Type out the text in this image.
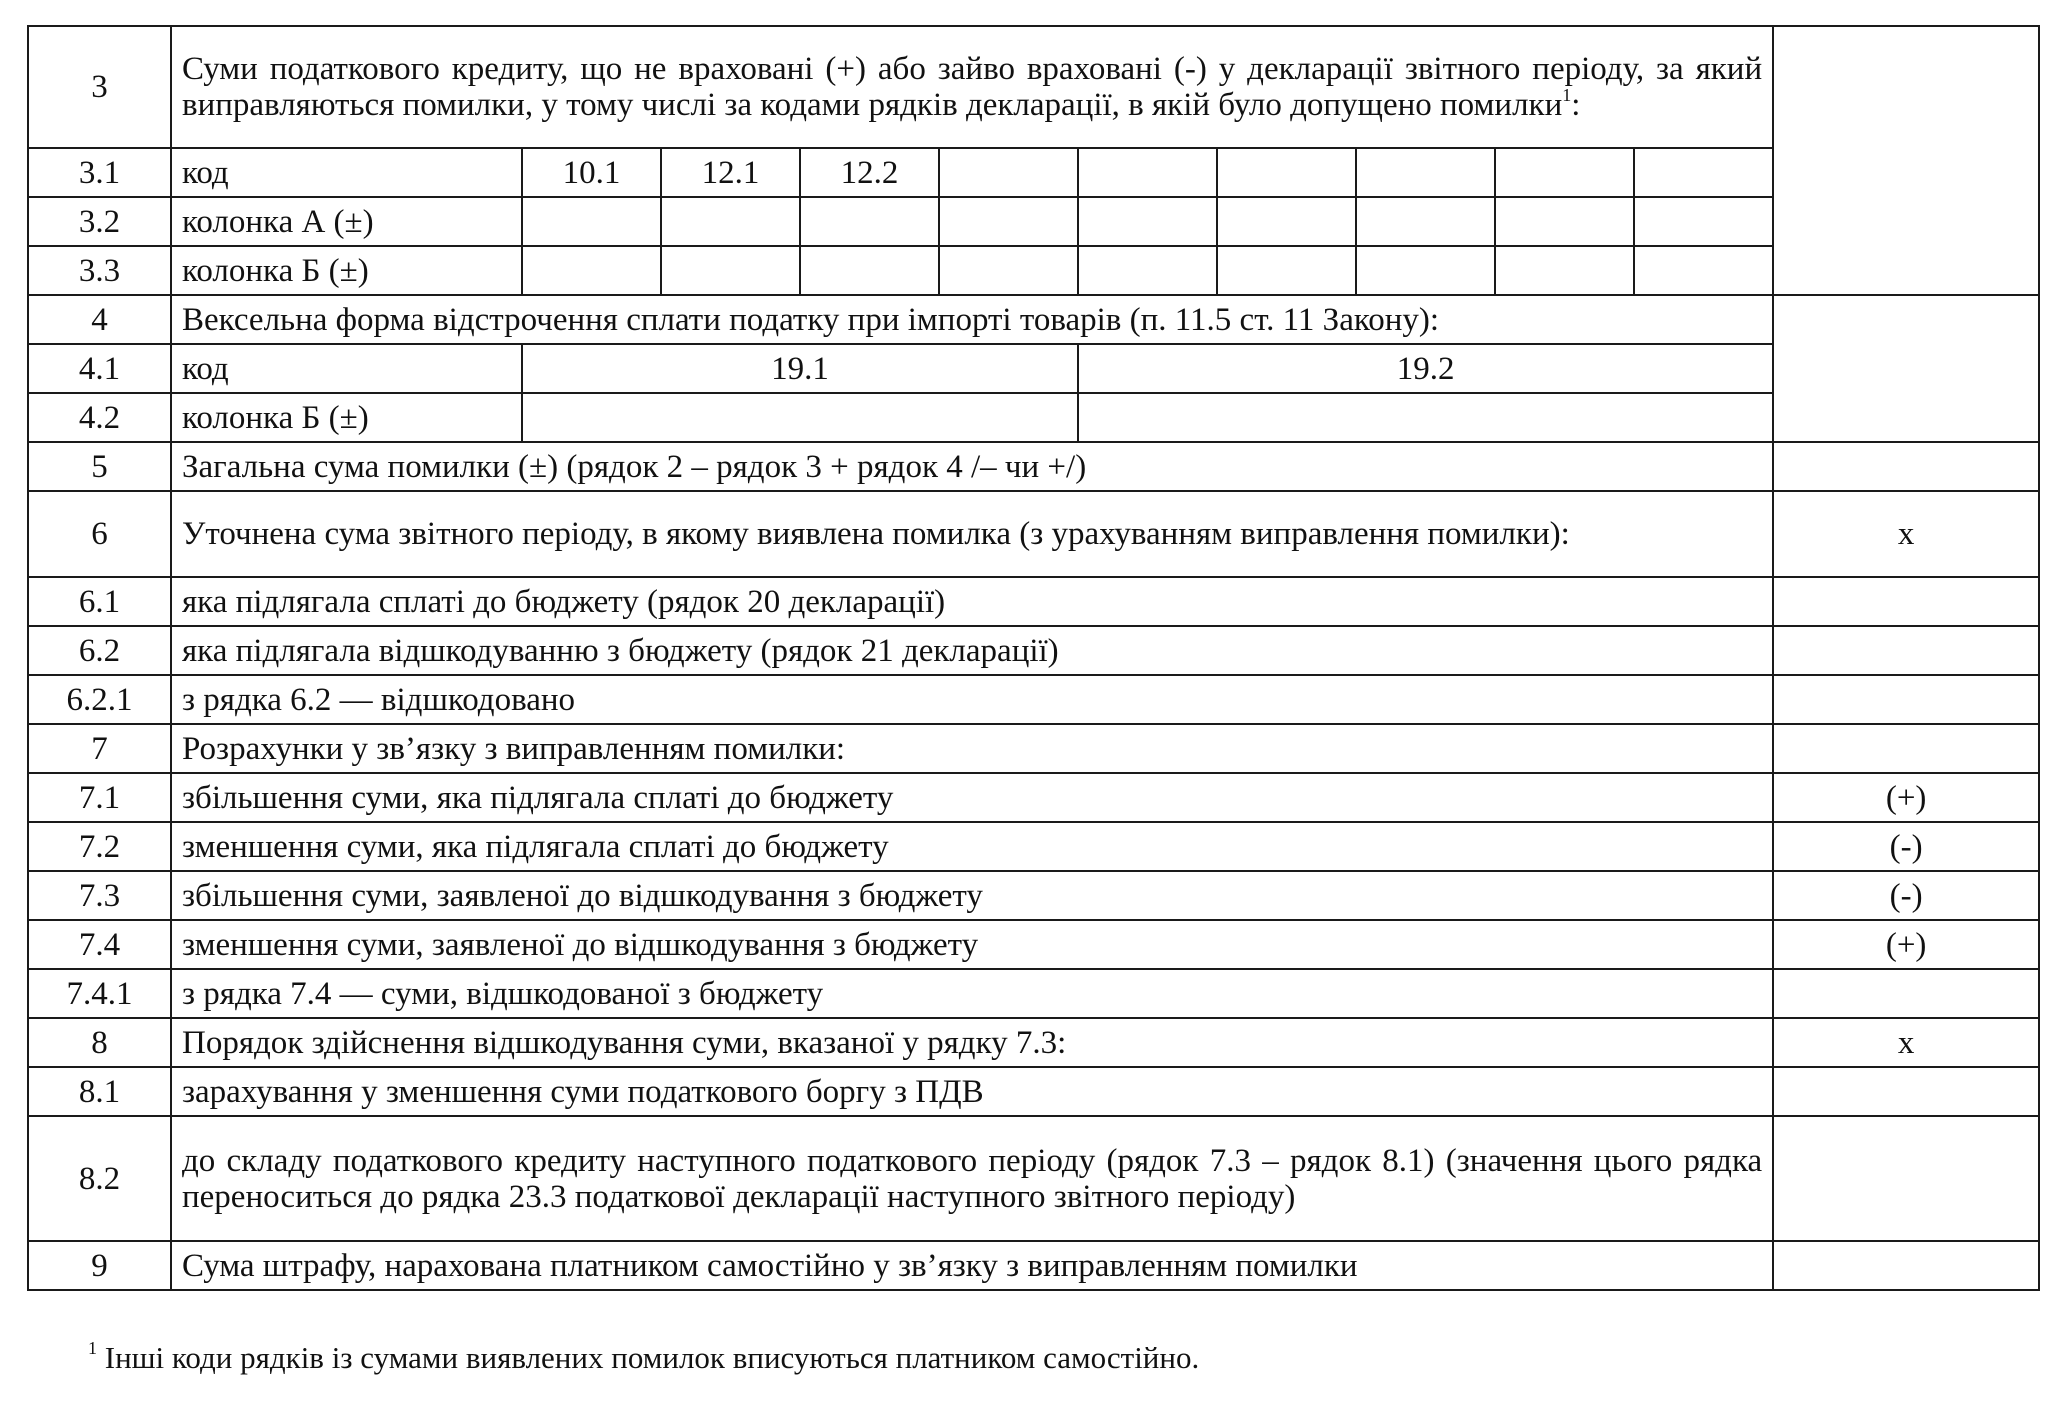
3	Суми податкового кредиту, що не враховані (+) або зайво враховані (-) у декларації звітного періоду, за який виправляються помилки, у тому числі за кодами рядків декларації, в якій було допущено помилки$^1$:										
3.1	код	10.1	12.1	12.2							
3.2	колонка А (±)										
3.3	колонка Б (±)										
4	Вексельна форма відстрочення сплати податку при імпорті товарів (п. 11.5 ст. 11 Закону):										
4.1	код	19.1				19.2					
4.2	колонка Б (±)										
5	Загальна сума помилки (±) (рядок 2 – рядок 3 + рядок 4 /– чи +/)										
6	Уточнена сума звітного періоду, в якому виявлена помилка (з урахуванням виправлення помилки):										x
6.1	яка підлягала сплаті до бюджету (рядок 20 декларації)										
6.2	яка підлягала відшкодуванню з бюджету (рядок 21 декларації)										
6.2.1	з рядка 6.2 — відшкодовано										
7	Розрахунки у зв’язку з виправленням помилки:										
7.1	збільшення суми, яка підлягала сплаті до бюджету										(+)
7.2	зменшення суми, яка підлягала сплаті до бюджету										(-)
7.3	збільшення суми, заявленої до відшкодування з бюджету										(-)
7.4	зменшення суми, заявленої до відшкодування з бюджету										(+)
7.4.1	з рядка 7.4 — суми, відшкодованої з бюджету										
8	Порядок здійснення відшкодування суми, вказаної у рядку 7.3:										x
8.1	зарахування у зменшення суми податкового боргу з ПДВ										
8.2	до складу податкового кредиту наступного податкового періоду (рядок 7.3 – рядок 8.1) (значення цього рядка переноситься до рядка 23.3 податкової декларації наступного звітного періоду)										
9	Сума штрафу, нарахована платником самостійно у зв’язку з виправленням помилки										
$^1$ Інші коди рядків із сумами виявлених помилок вписуються платником самостійно.
